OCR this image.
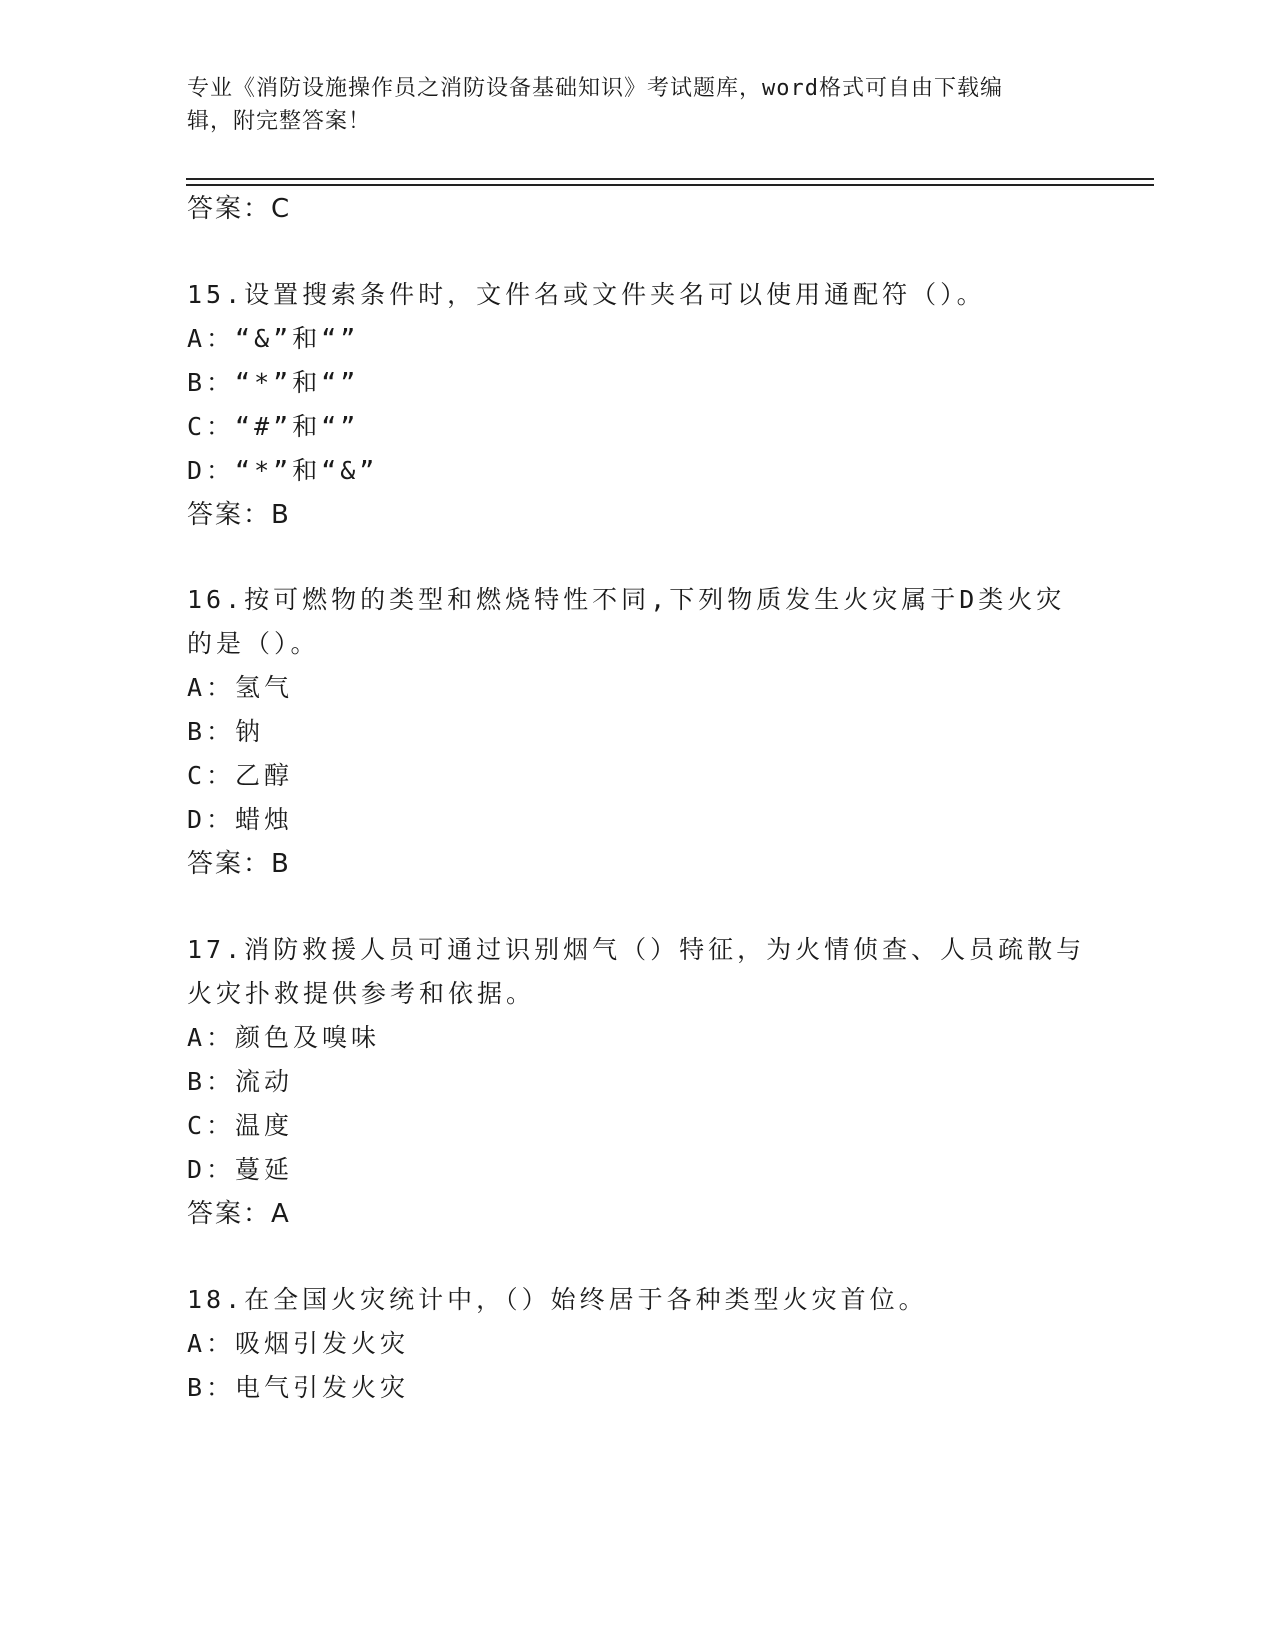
专业《消防设施操作员之消防设备基础知识》考试题库，word格式可自由下载编
辑，附完整答案！
答案：C
15.设置搜索条件时，文件名或文件夹名可以使用通配符（）。
A：“&”和“”
B：“*”和“”
C：“#”和“”
D：“*”和“&”
答案：B
16.按可燃物的类型和燃烧特性不同,下列物质发生火灾属于D类火灾
的是（）。
A：氢气
B：钠
C：乙醇
D：蜡烛
答案：B
17.消防救援人员可通过识别烟气（）特征，为火情侦查、人员疏散与
火灾扑救提供参考和依据。
A：颜色及嗅味
B：流动
C：温度
D：蔓延
答案：A
18.在全国火灾统计中，（）始终居于各种类型火灾首位。
A：吸烟引发火灾
B：电气引发火灾
